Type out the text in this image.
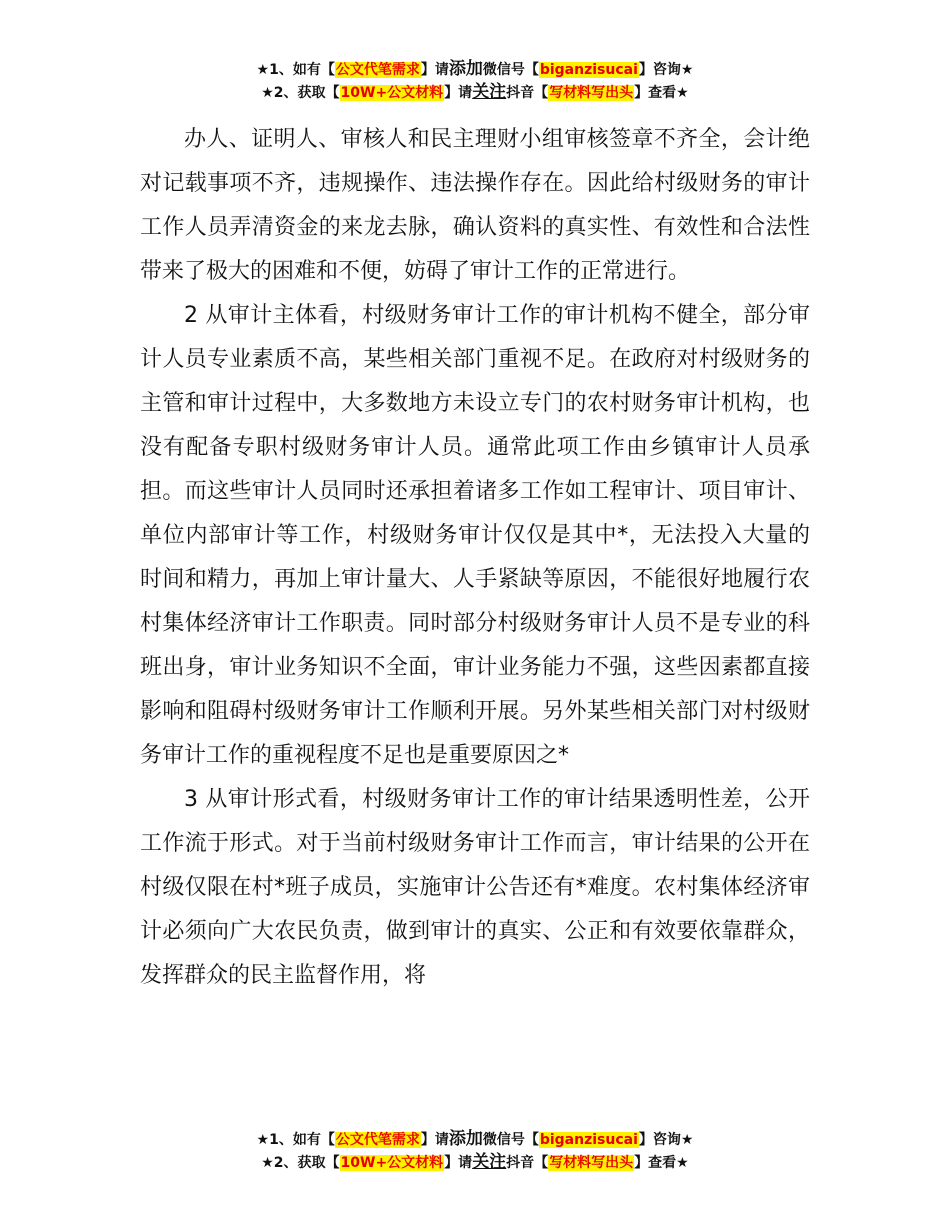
★1、如有【公文代笔需求】请添加微信号【biganzisucai】咨询★
★2、获取【10W+公文材料】请关注抖音【写材料写出头】查看★

办人、证明人、审核人和民主理财小组审核签章不齐全，会计绝对记载事项不齐，违规操作、违法操作存在。因此给村级财务的审计工作人员弄清资金的来龙去脉，确认资料的真实性、有效性和合法性带来了极大的困难和不便，妨碍了审计工作的正常进行。

2 从审计主体看，村级财务审计工作的审计机构不健全，部分审计人员专业素质不高，某些相关部门重视不足。在政府对村级财务的主管和审计过程中，大多数地方未设立专门的农村财务审计机构，也没有配备专职村级财务审计人员。通常此项工作由乡镇审计人员承担。而这些审计人员同时还承担着诸多工作如工程审计、项目审计、单位内部审计等工作，村级财务审计仅仅是其中*，无法投入大量的时间和精力，再加上审计量大、人手紧缺等原因，不能很好地履行农村集体经济审计工作职责。同时部分村级财务审计人员不是专业的科班出身，审计业务知识不全面，审计业务能力不强，这些因素都直接影响和阻碍村级财务审计工作顺利开展。另外某些相关部门对村级财务审计工作的重视程度不足也是重要原因之*

3 从审计形式看，村级财务审计工作的审计结果透明性差，公开工作流于形式。对于当前村级财务审计工作而言，审计结果的公开在村级仅限在村*班子成员，实施审计公告还有*难度。农村集体经济审计必须向广大农民负责，做到审计的真实、公正和有效要依靠群众，发挥群众的民主监督作用，将

★1、如有【公文代笔需求】请添加微信号【biganzisucai】咨询★
★2、获取【10W+公文材料】请关注抖音【写材料写出头】查看★
